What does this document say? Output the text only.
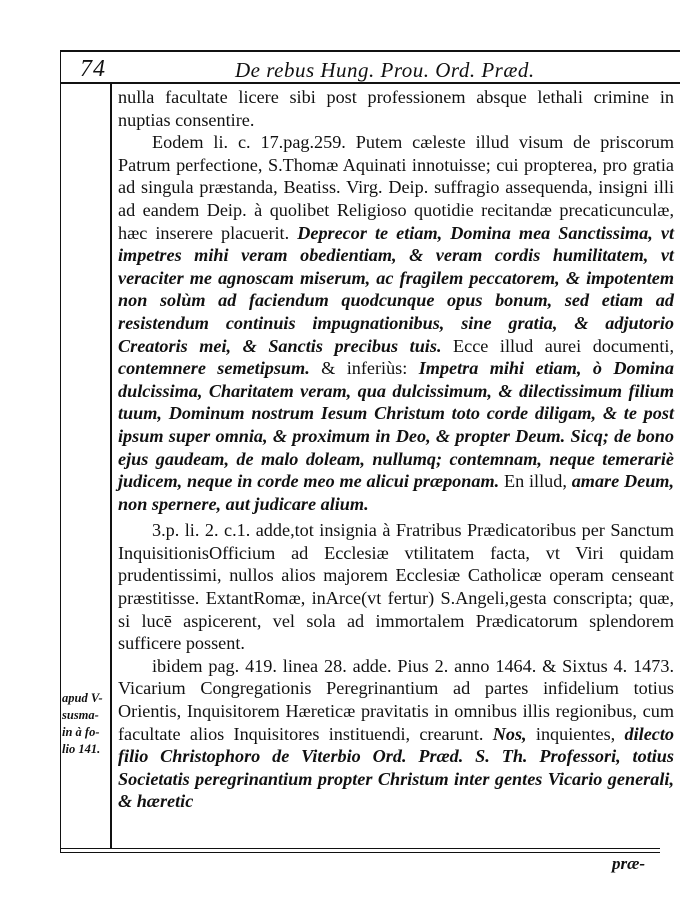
74	De rebus Hung. Prou. Ord. Præd.

nulla facultate licere sibi post professionem absque lethali crimine in nuptias consentire.

Eodem li. c. 17.pag.259. Putem cæleste illud visum de priscorum Patrum perfectione, S.Thomæ Aquinati innotuisse; cui propterea, pro gratia ad singula præstanda, Beatiss. Virg. Deip. suffragio assequenda, insigni illi ad eandem Deip. à quolibet Religioso quotidie recitandæ precaticunculæ, hæc inserere placuerit. Deprecor te etiam, Domina mea Sanctissima, vt impetres mihi veram obedientiam, & veram cordis humilitatem, vt veraciter me agnoscam miserum, ac fragilem peccatorem, & impotentem non solùm ad faciendum quodcunque opus bonum, sed etiam ad resistendum continuis impugnationibus, sine gratia, & adjutorio Creatoris mei, & Sanctis precibus tuis. Ecce illud aurei documenti, contemnere semetipsum. & inferiùs: Impetra mihi etiam, ò Domina dulcissima, Charitatem veram, qua dulcissimum, & dilectissimum filium tuum, Dominum nostrum Iesum Christum toto corde diligam, & te post ipsum super omnia, & proximum in Deo, & propter Deum. Sicq; de bono ejus gaudeam, de malo doleam, nullumq; contemnam, neque temerariè judicem, neque in corde meo me alicui præponam. En illud, amare Deum, non spernere, aut judicare alium.

3.p. li. 2. c.1. adde,tot insignia à Fratribus Prædicatoribus per Sanctum InquisitionisOfficium ad Ecclesiæ vtilitatem facta, vt Viri quidam prudentissimi, nullos alios majorem Ecclesiæ Catholicæ operam censeant præstitisse. ExtantRomæ, inArce(vt fertur) S.Angeli,gesta conscripta; quæ, si lucē aspicerent, vel sola ad immortalem Prædicatorum splendorem sufficere possent.

ibidem pag. 419. linea 28. adde. Pius 2. anno 1464. & Sixtus 4. 1473. Vicarium Congregationis Peregrinantium ad partes infidelium totius Orientis, Inquisitorem Hæreticæ pravitatis in omnibus illis regionibus, cum facultate alios Inquisitores instituendi, crearunt. Nos, inquientes, dilecto filio Christophoro de Viterbio Ord. Præd. S. Th. Professori, totius Societatis peregrinantium propter Christum inter gentes Vicario generali, & hæretic

apud V-
susma-
in à fo-
lio 141.
præ-
